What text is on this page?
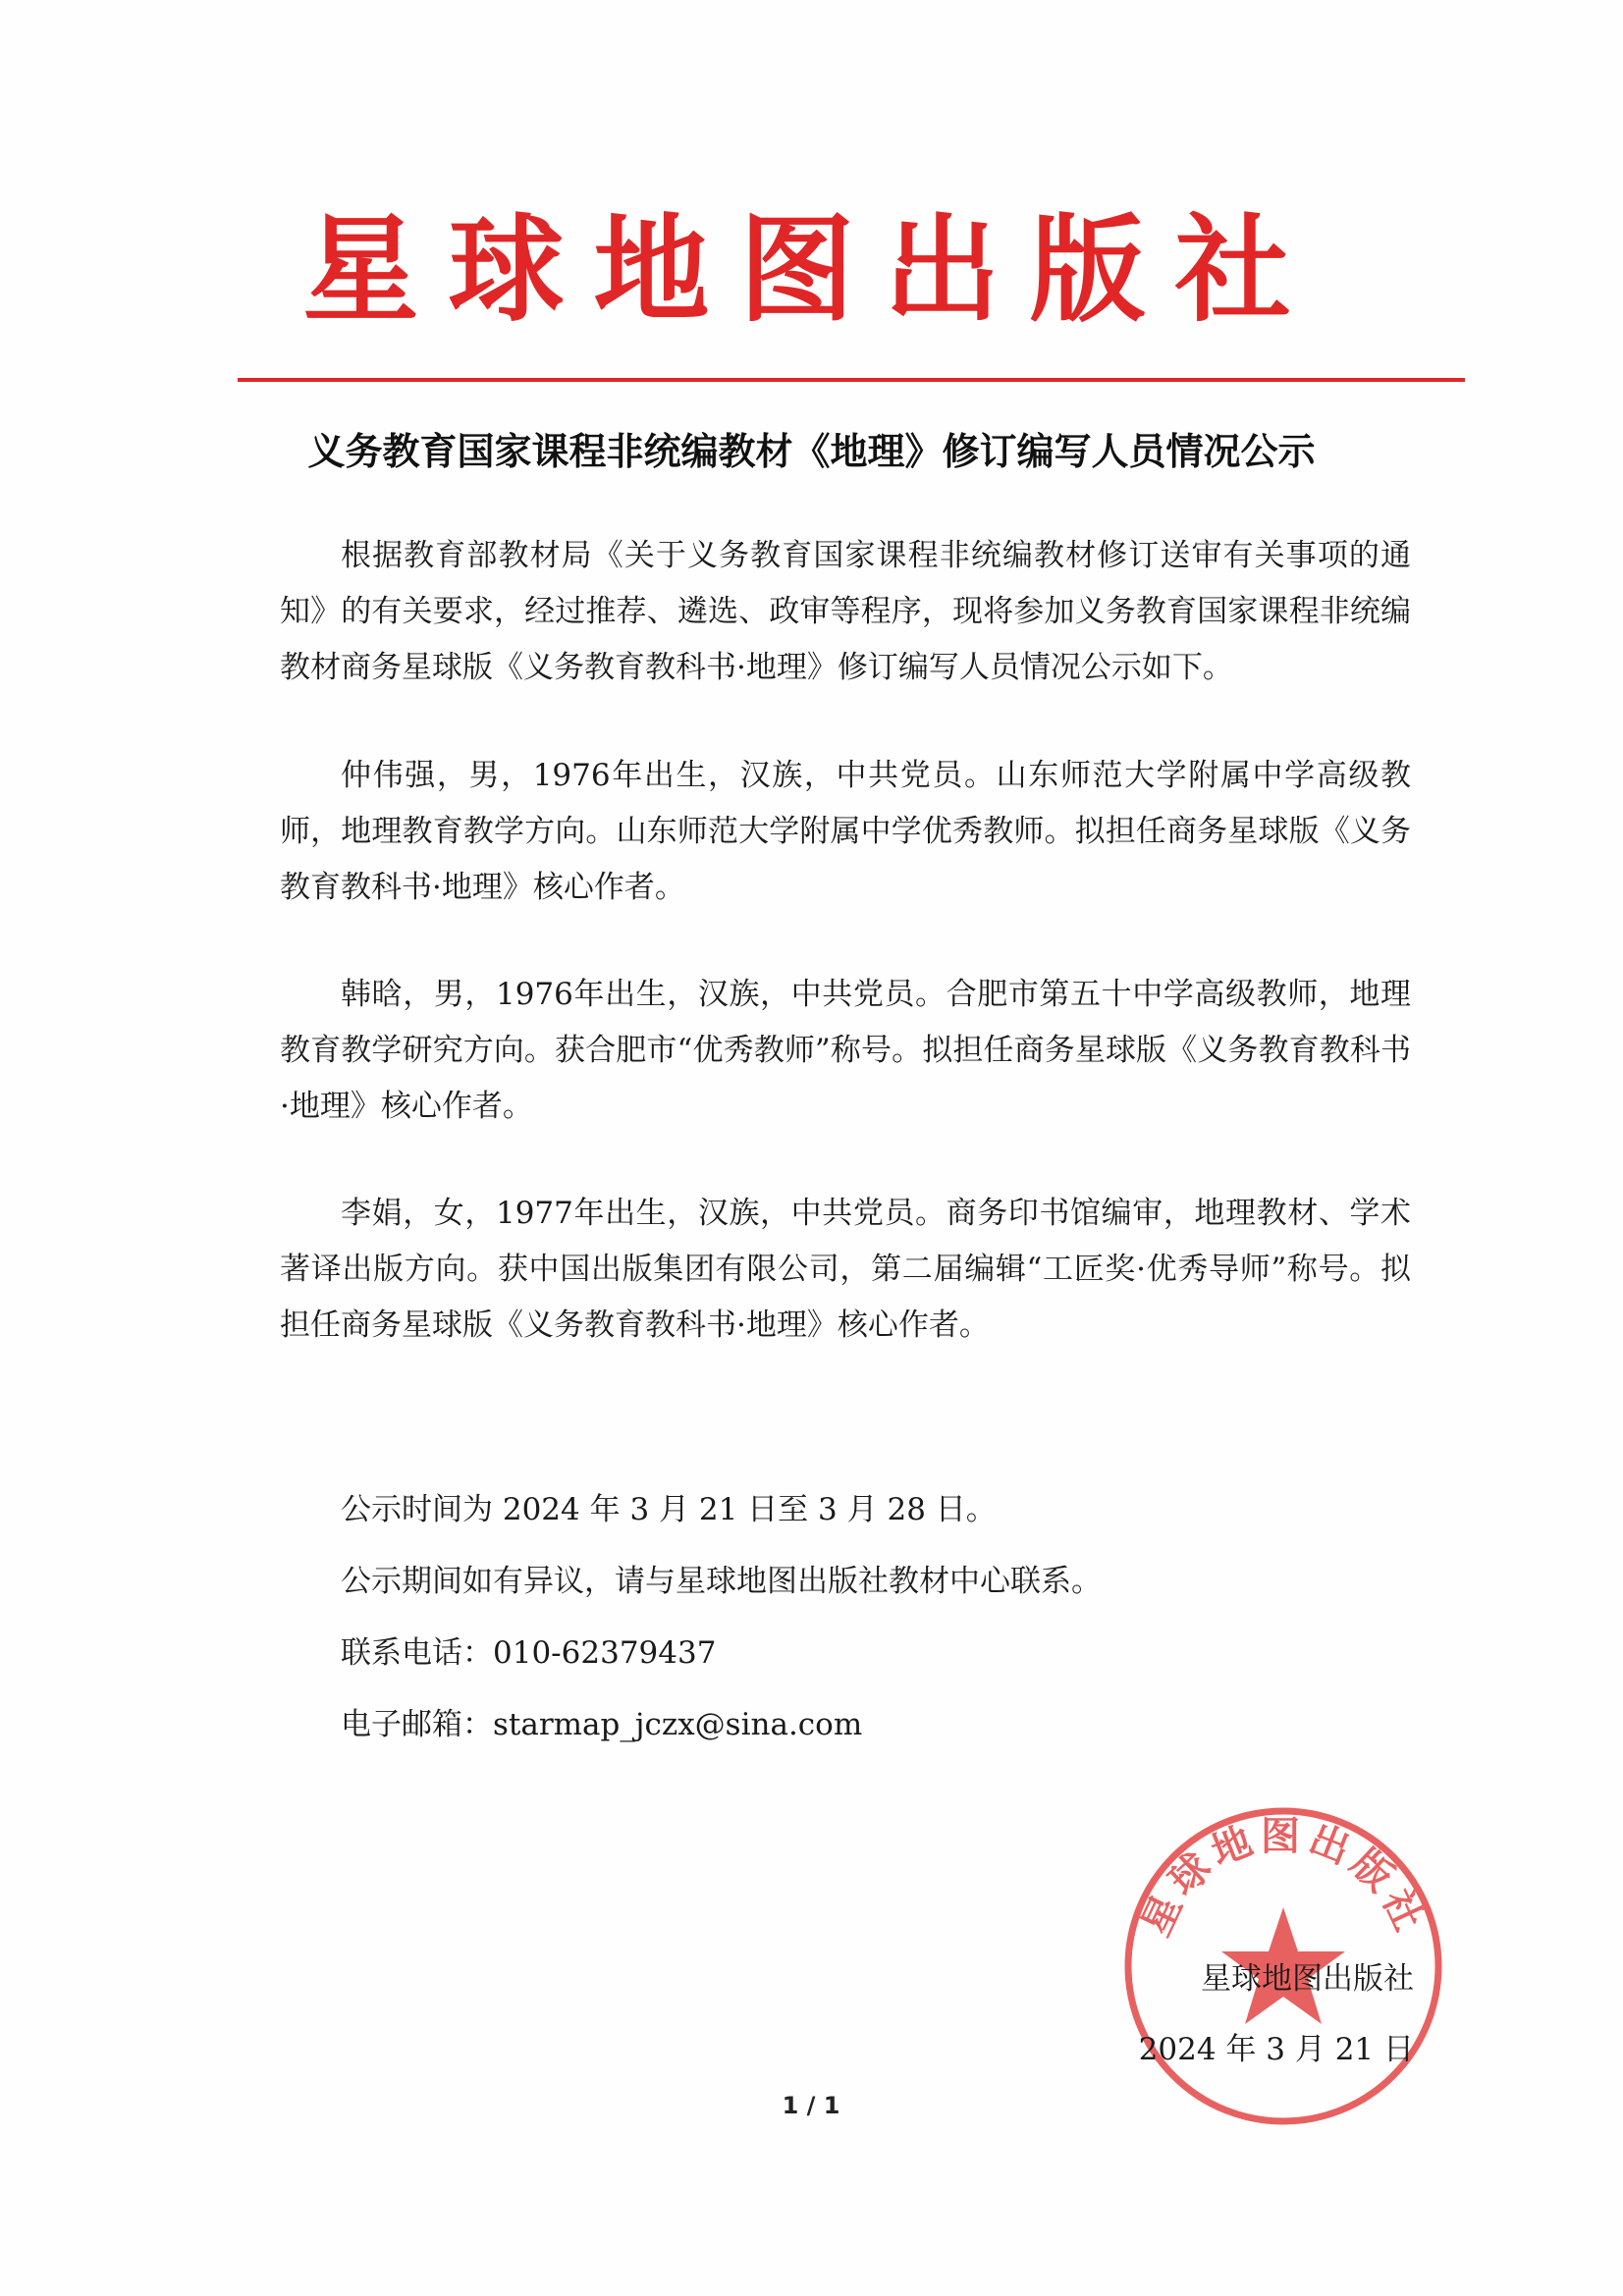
星球地图出版社
义务教育国家课程非统编教材《地理》修订编写人员情况公示

根据教育部教材局《关于义务教育国家课程非统编教材修订送审有关事项的通知》的有关要求，经过推荐、遴选、政审等程序，现将参加义务教育国家课程非统编教材商务星球版《义务教育教科书·地理》修订编写人员情况公示如下。

仲伟强，男，1976年出生，汉族，中共党员。山东师范大学附属中学高级教师，地理教育教学方向。山东师范大学附属中学优秀教师。拟担任商务星球版《义务教育教科书·地理》核心作者。

韩晗，男，1976年出生，汉族，中共党员。合肥市第五十中学高级教师，地理教育教学研究方向。获合肥市“优秀教师”称号。拟担任商务星球版《义务教育教科书·地理》核心作者。

李娟，女，1977年出生，汉族，中共党员。商务印书馆编审，地理教材、学术著译出版方向。获中国出版集团有限公司，第二届编辑“工匠奖·优秀导师”称号。拟担任商务星球版《义务教育教科书·地理》核心作者。

公示时间为 2024 年 3 月 21 日至 3 月 28 日。
公示期间如有异议，请与星球地图出版社教材中心联系。
联系电话：010-62379437
电子邮箱：starmap_jczx@sina.com
星球地图出版社
星球地图出版社
2024 年 3 月 21 日
1 / 1
